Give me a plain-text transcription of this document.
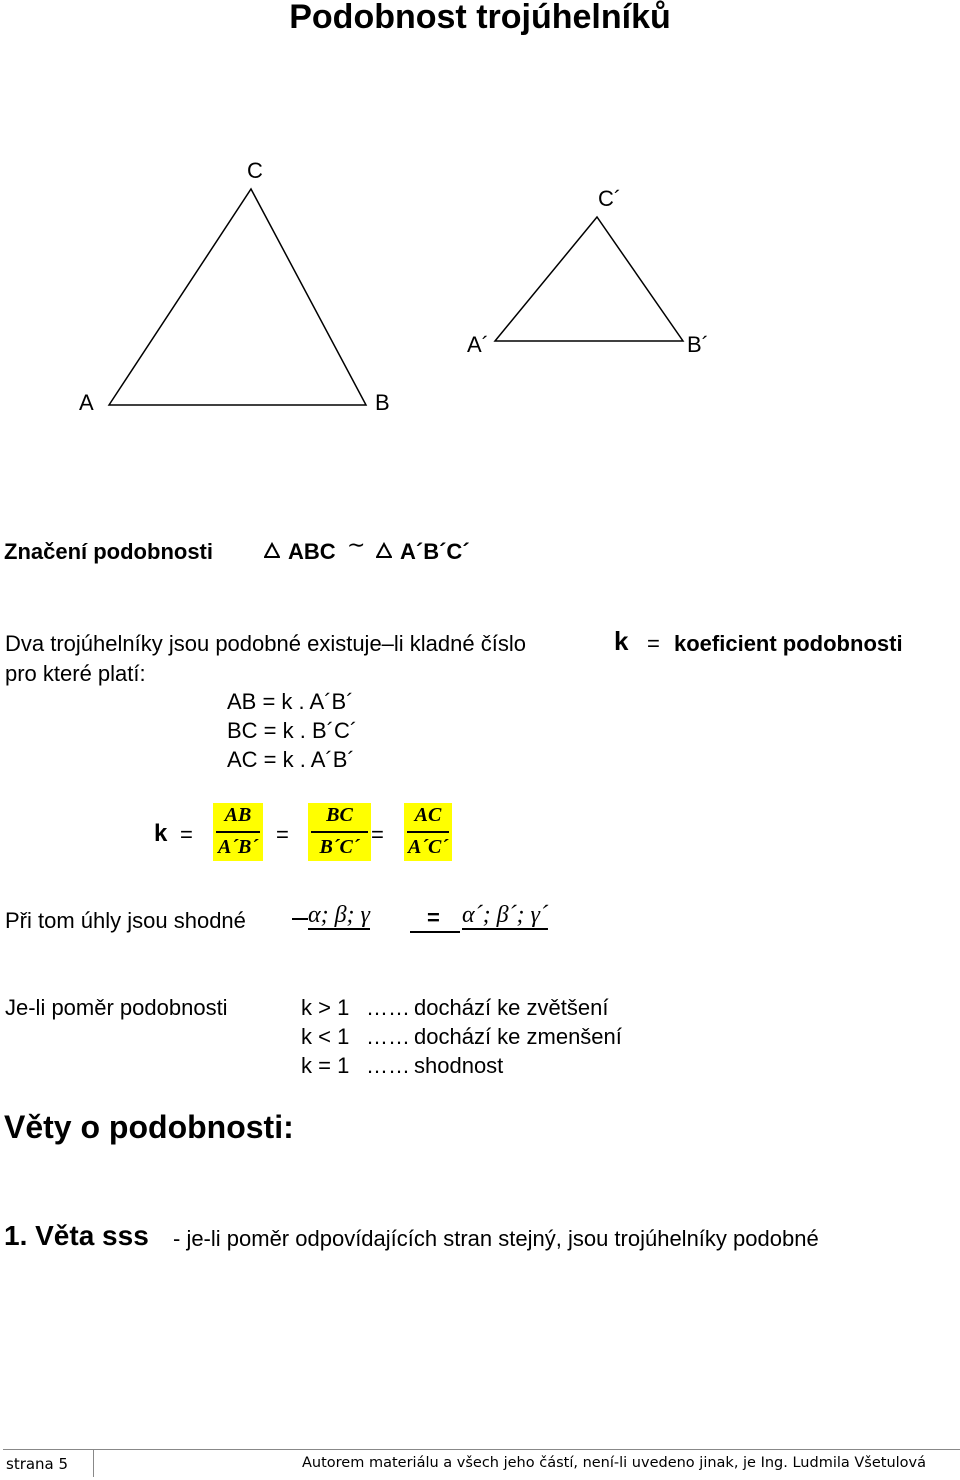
Podobnost trojúhelníků
C
A	B
C´
A´	B´
Značení podobnosti	ABC ∼ A´B´C´
Dva trojúhelníky jsou podobné existuje–li kladné číslo	k = koeficient podobnosti
pro které platí:
AB = k . A´B´
BC = k . B´C´
AC = k . A´B´
k =
AB
A´B´ =
BC
B´C´ =
AC
A´C´
Při tom úhly jsou shodné	α; β; γ	= α´; β´; γ´
Je-li poměr podobnosti	k > 1 …… dochází ke zvětšení
k < 1 …… dochází ke zmenšení
k = 1 …… shodnost
Věty o podobnosti:
1. Věta sss - je-li poměr odpovídajících stran stejný, jsou trojúhelníky podobné
strana 5	Autorem materiálu a všech jeho částí, není-li uvedeno jinak, je Ing. Ludmila Všetulová
